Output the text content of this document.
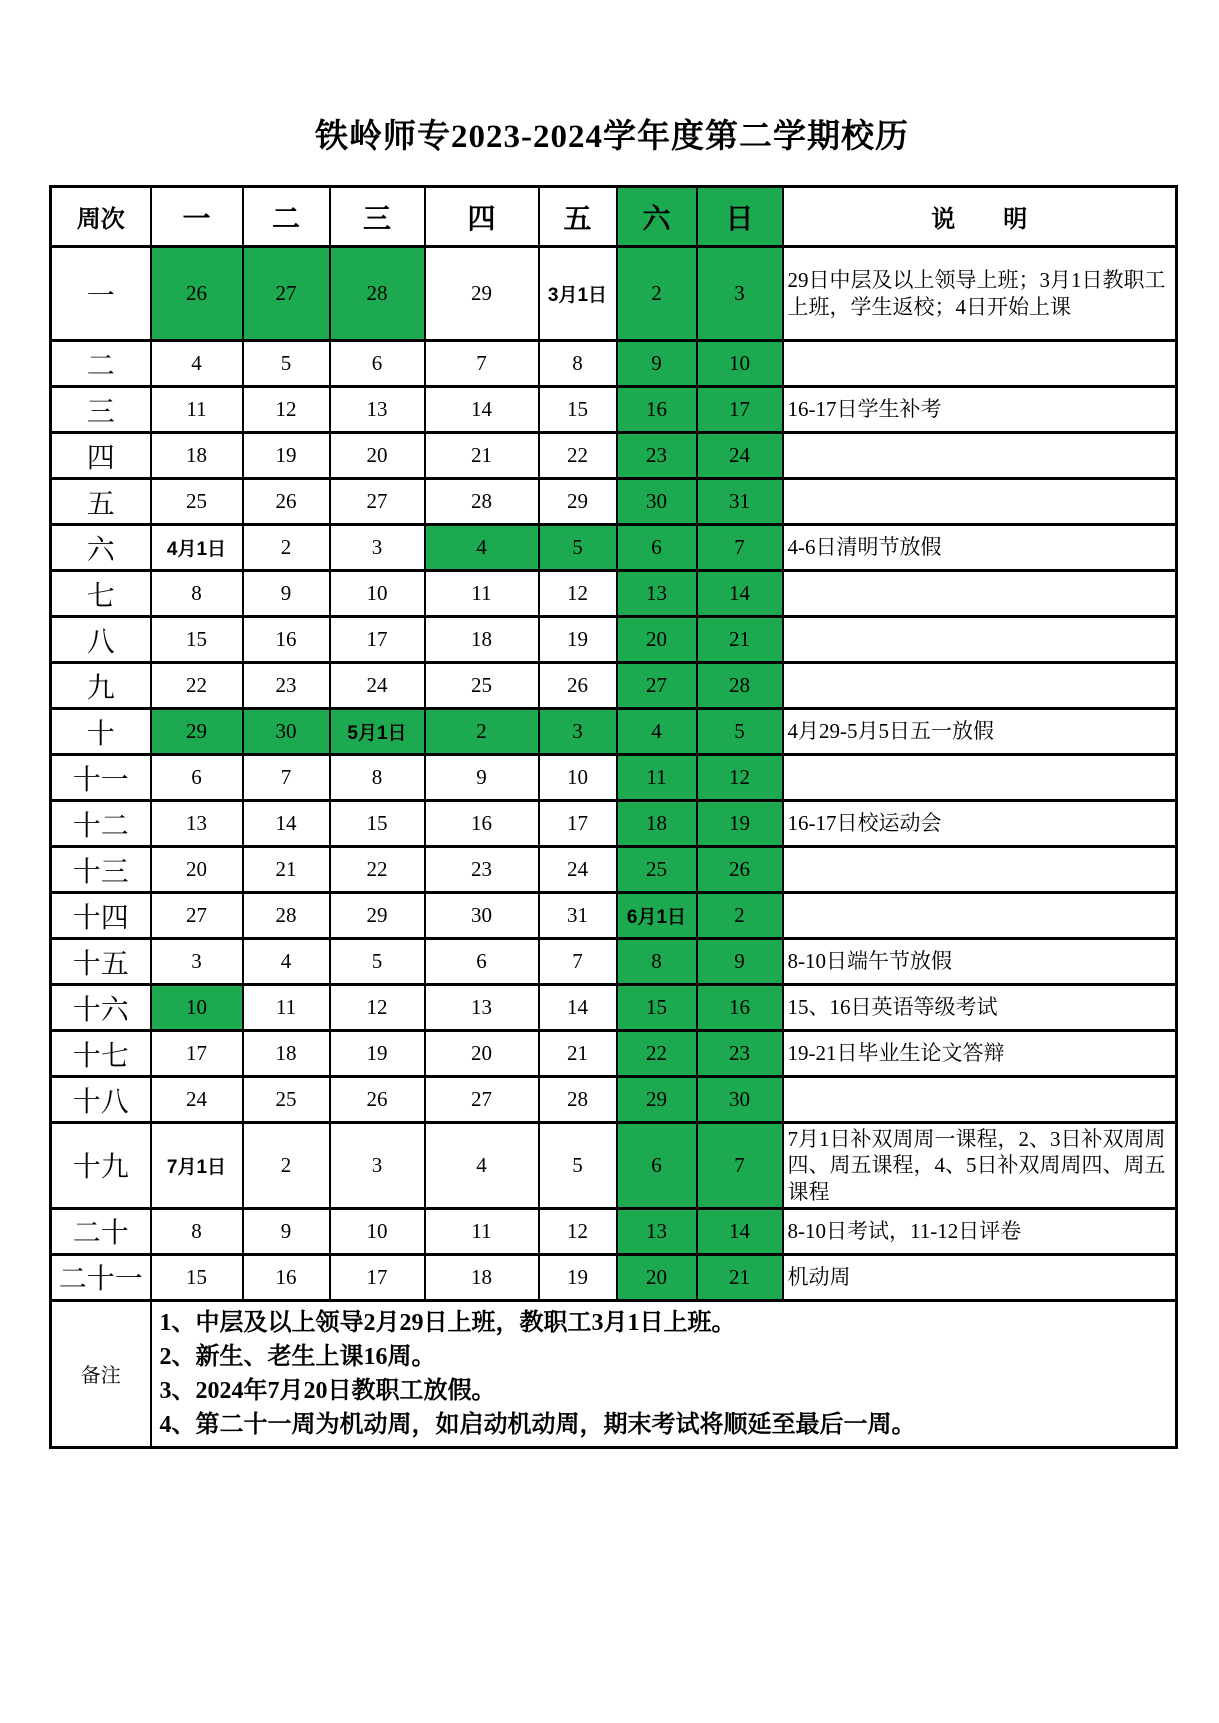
铁岭师专2023-2024学年度第二学期校历
周次	一	二	三	四	五	六	日	说　　明
一	26	27	28	29	3月1日	2	3	29日中层及以上领导上班；3月1日教职工上班，学生返校；4日开始上课
二	4	5	6	7	8	9	10	
三	11	12	13	14	15	16	17	16-17日学生补考
四	18	19	20	21	22	23	24	
五	25	26	27	28	29	30	31	
六	4月1日	2	3	4	5	6	7	4-6日清明节放假
七	8	9	10	11	12	13	14	
八	15	16	17	18	19	20	21	
九	22	23	24	25	26	27	28	
十	29	30	5月1日	2	3	4	5	4月29-5月5日五一放假
十一	6	7	8	9	10	11	12	
十二	13	14	15	16	17	18	19	16-17日校运动会
十三	20	21	22	23	24	25	26	
十四	27	28	29	30	31	6月1日	2	
十五	3	4	5	6	7	8	9	8-10日端午节放假
十六	10	11	12	13	14	15	16	15、16日英语等级考试
十七	17	18	19	20	21	22	23	19-21日毕业生论文答辩
十八	24	25	26	27	28	29	30	
十九	7月1日	2	3	4	5	6	7	7月1日补双周周一课程，2、3日补双周周四、周五课程，4、5日补双周周四、周五课程
二十	8	9	10	11	12	13	14	8-10日考试，11-12日评卷
二十一	15	16	17	18	19	20	21	机动周
备注	1、中层及以上领导2月29日上班，教职工3月1日上班。
2、新生、老生上课16周。
3、2024年7月20日教职工放假。
4、第二十一周为机动周，如启动机动周，期末考试将顺延至最后一周。							
